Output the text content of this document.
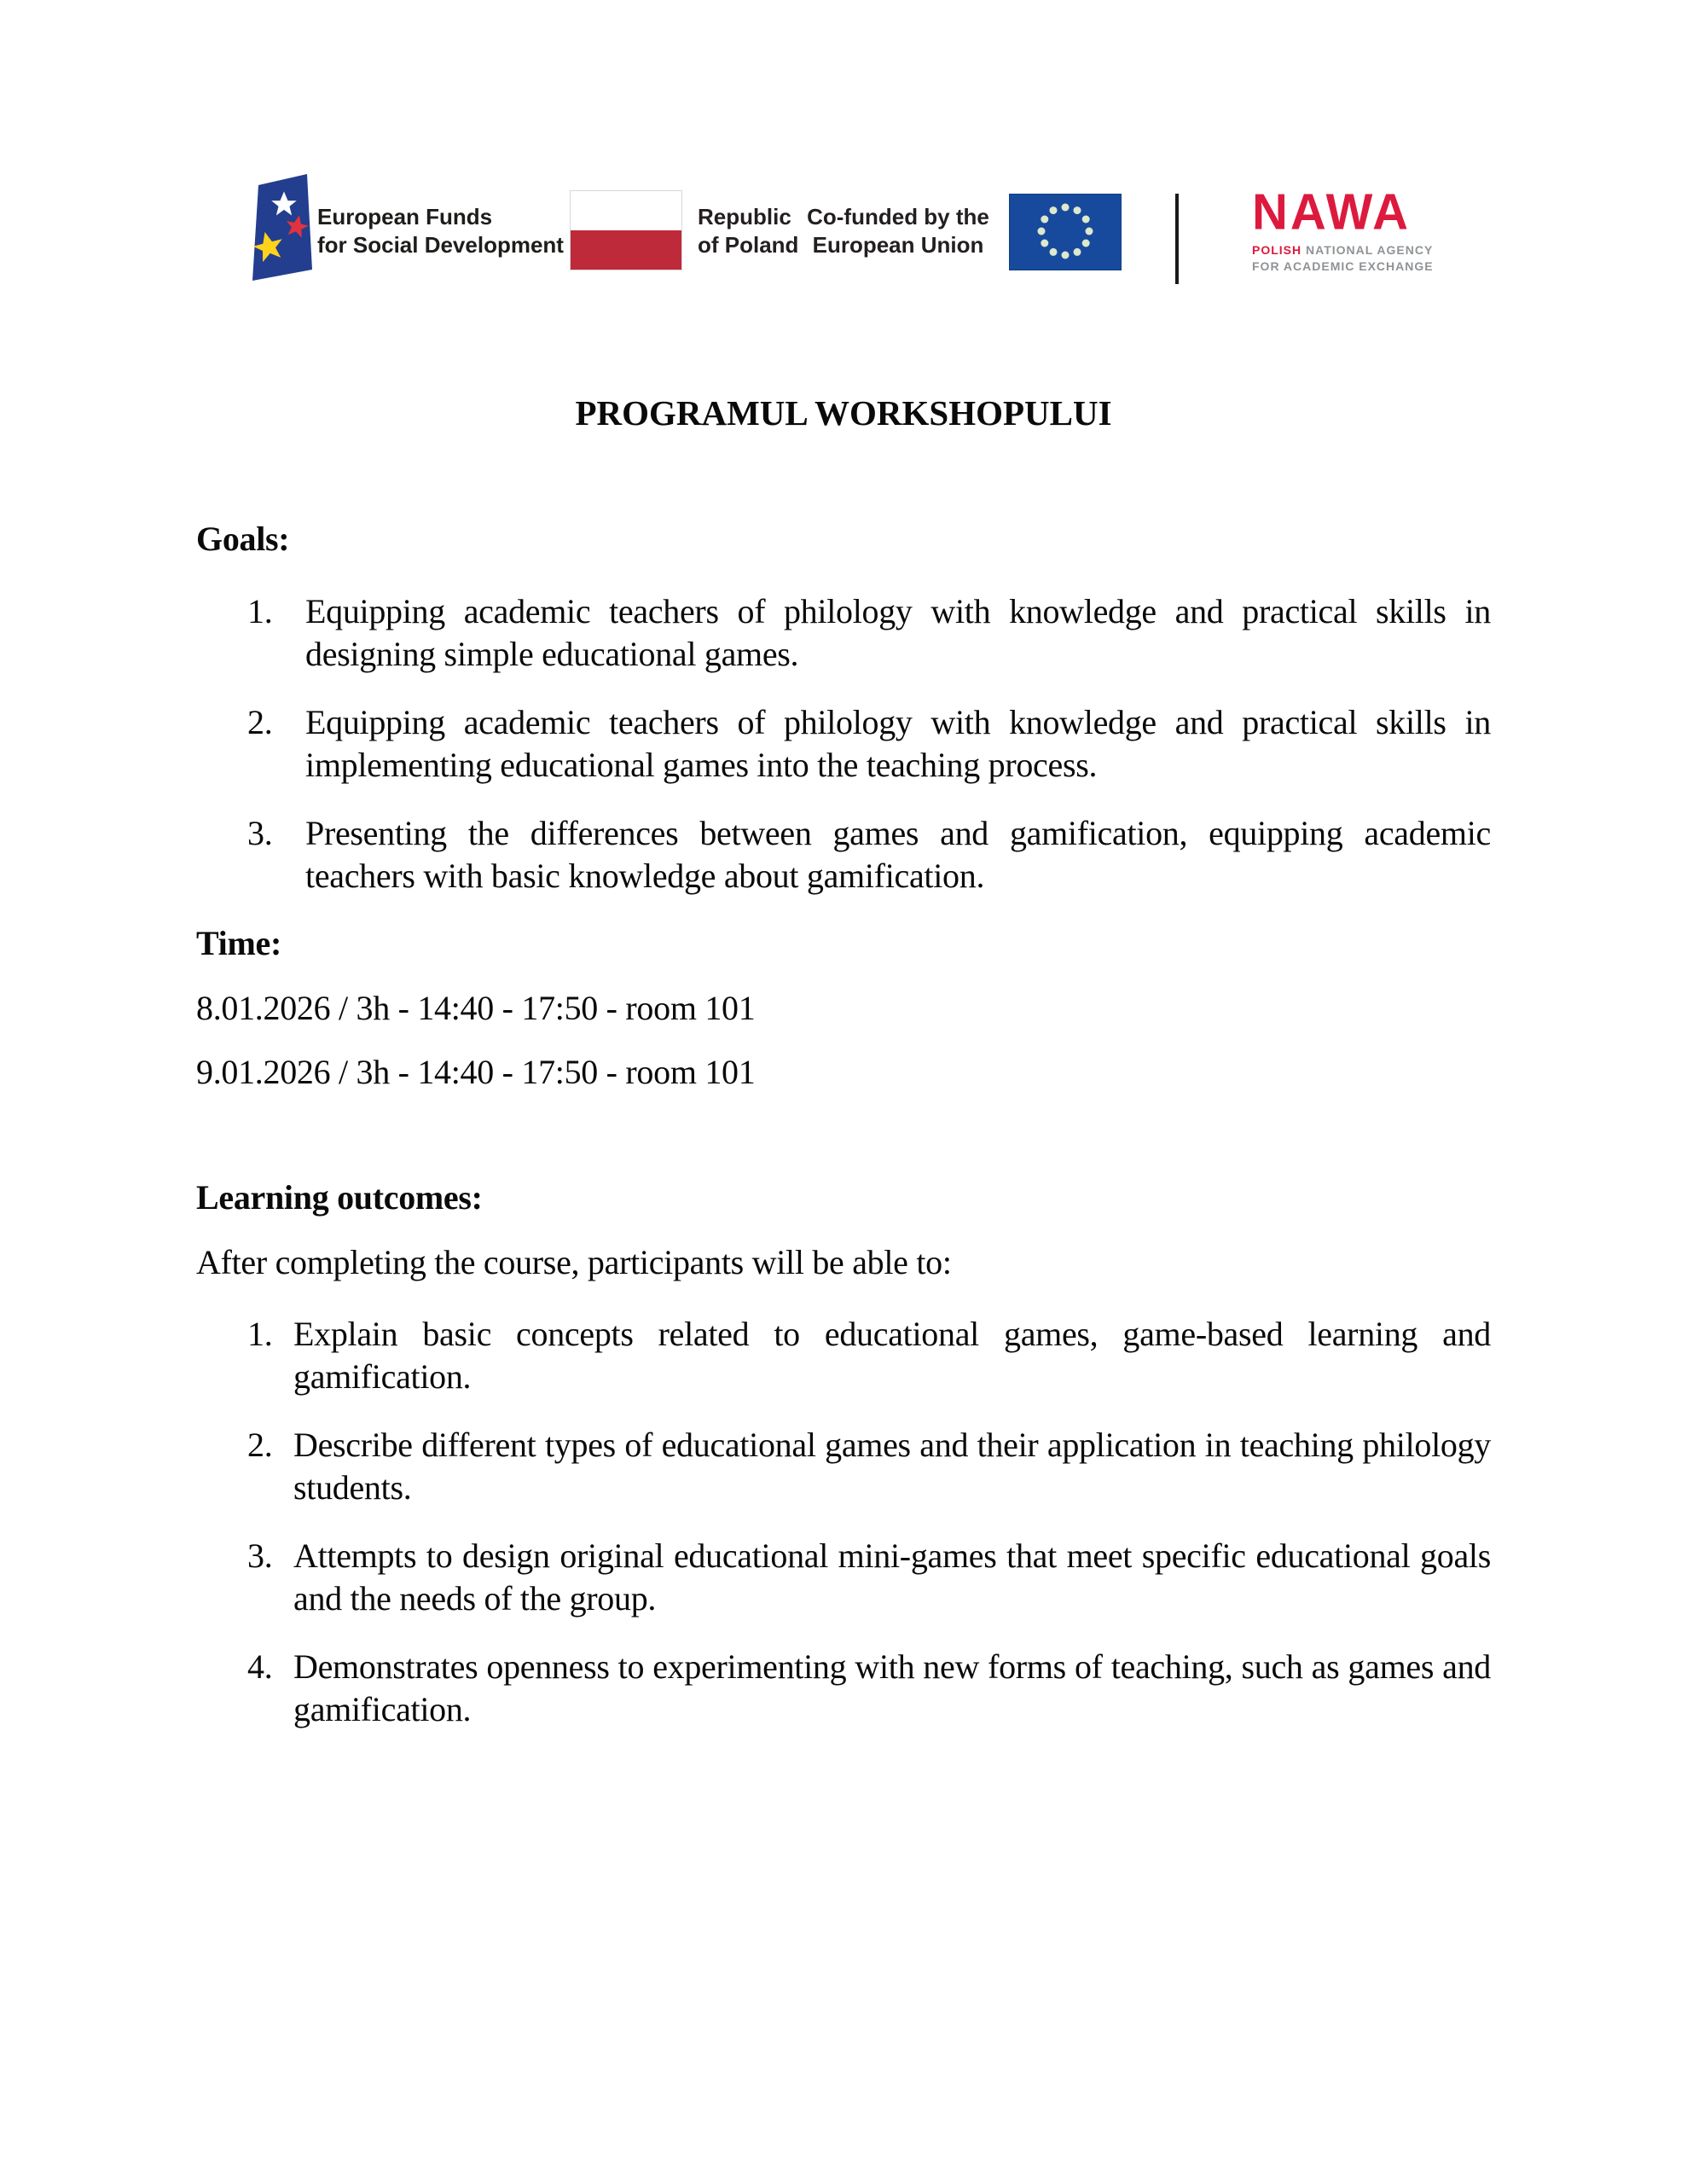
European Funds
for Social Development
Republic
of Poland
Co-funded by the
European Union
NAWA
POLISH NATIONAL AGENCY
FOR ACADEMIC EXCHANGE
PROGRAMUL WORKSHOPULUI
Goals:
1. Equipping academic teachers of philology with knowledge and practical skills in designing simple educational games.
2. Equipping academic teachers of philology with knowledge and practical skills in implementing educational games into the teaching process.
3. Presenting the differences between games and gamification, equipping academic teachers with basic knowledge about gamification.
Time:

8.01.2026 / 3h - 14:40 - 17:50 - room 101

9.01.2026 / 3h - 14:40 - 17:50 - room 101

Learning outcomes:

After completing the course, participants will be able to:

1. Explain basic concepts related to educational games, game-based learning and gamification.
2. Describe different types of educational games and their application in teaching philology students.
3. Attempts to design original educational mini-games that meet specific educational goals and the needs of the group.
4. Demonstrates openness to experimenting with new forms of teaching, such as games and gamification.
